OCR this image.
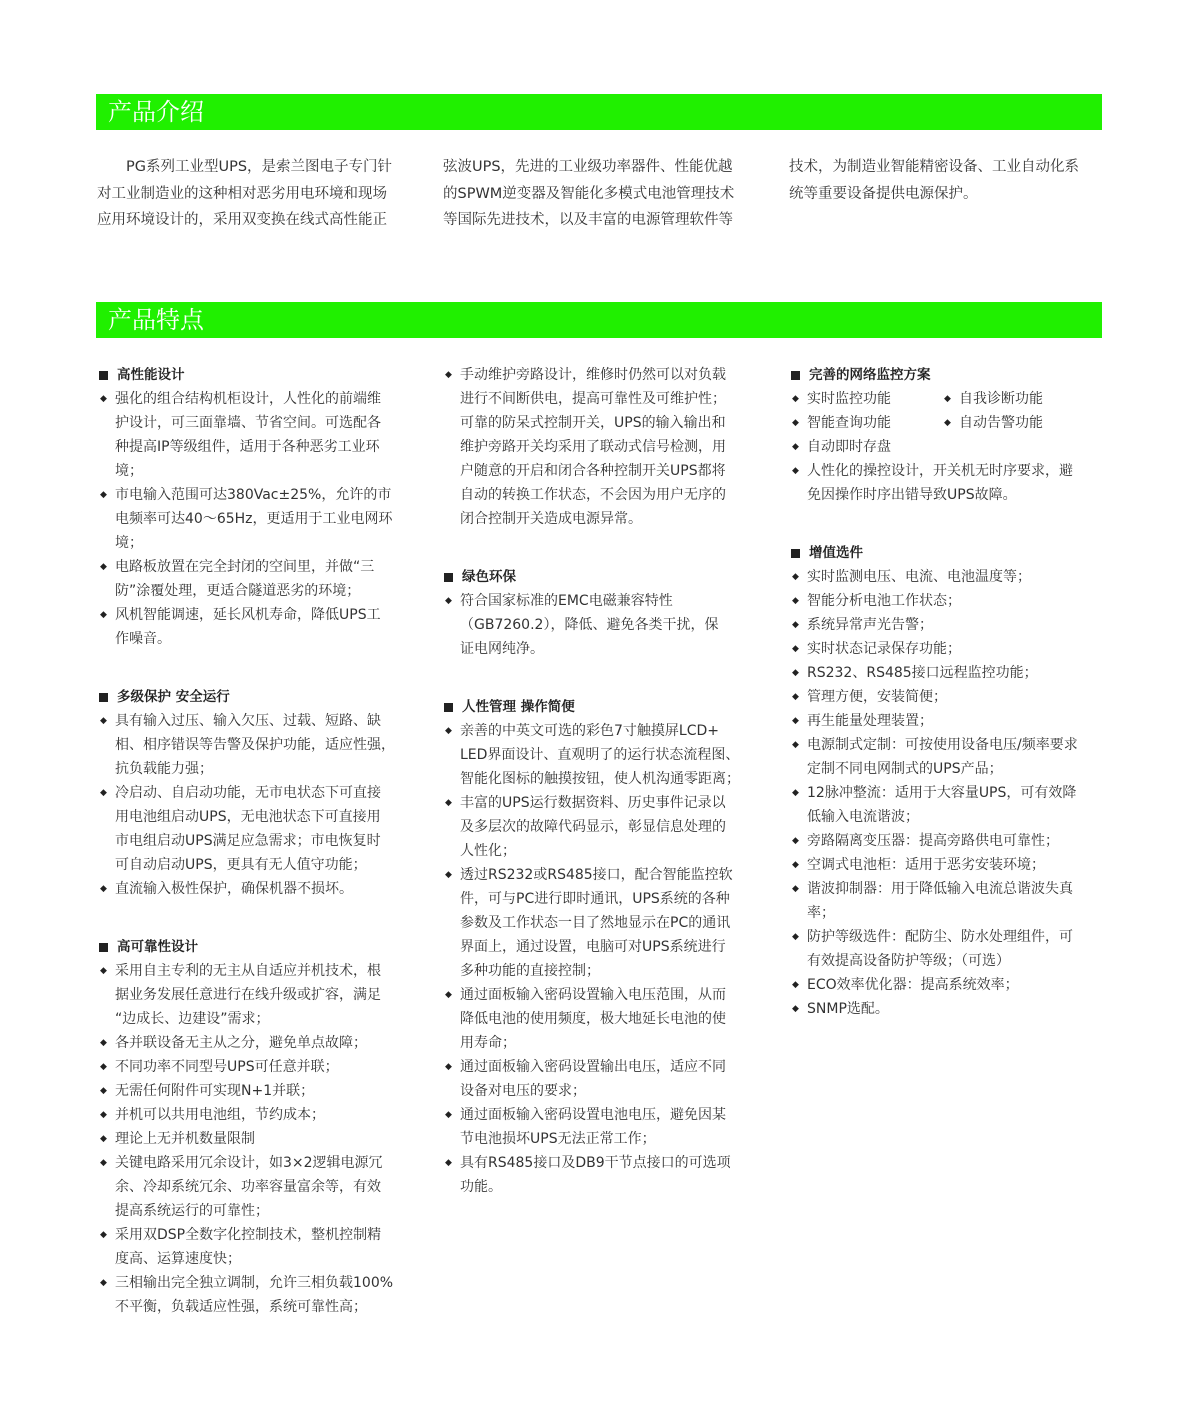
产品介绍
　　PG系列工业型UPS，是索兰图电子专门针
对工业制造业的这种相对恶劣用电环境和现场
应用环境设计的，采用双变换在线式高性能正
弦波UPS，先进的工业级功率器件、性能优越
的SPWM逆变器及智能化多模式电池管理技术
等国际先进技术，以及丰富的电源管理软件等
技术，为制造业智能精密设备、工业自动化系
统等重要设备提供电源保护。
产品特点
高性能设计
◆ 强化的组合结构机柜设计，人性化的前端维
护设计，可三面靠墙、节省空间。可选配各
种提高IP等级组件，适用于各种恶劣工业环
境；
◆ 市电输入范围可达380Vac±25%，允许的市
电频率可达40～65Hz，更适用于工业电网环
境；
◆ 电路板放置在完全封闭的空间里，并做“三
防”涂覆处理，更适合隧道恶劣的环境；
◆ 风机智能调速，延长风机寿命，降低UPS工
作噪音。
多级保护 安全运行
◆ 具有输入过压、输入欠压、过载、短路、缺
相、相序错误等告警及保护功能，适应性强，
抗负载能力强；
◆ 冷启动、自启动功能，无市电状态下可直接
用电池组启动UPS，无电池状态下可直接用
市电组启动UPS满足应急需求；市电恢复时
可自动启动UPS，更具有无人值守功能；
◆ 直流输入极性保护，确保机器不损坏。
高可靠性设计
◆ 采用自主专利的无主从自适应并机技术，根
据业务发展任意进行在线升级或扩容，满足
“边成长、边建设”需求；
◆ 各并联设备无主从之分，避免单点故障；
◆ 不同功率不同型号UPS可任意并联；
◆ 无需任何附件可实现N+1并联；
◆ 并机可以共用电池组，节约成本；
◆ 理论上无并机数量限制
◆ 关键电路采用冗余设计，如3×2逻辑电源冗
余、冷却系统冗余、功率容量富余等，有效
提高系统运行的可靠性；
◆ 采用双DSP全数字化控制技术，整机控制精
度高、运算速度快；
◆ 三相输出完全独立调制，允许三相负载100%
不平衡，负载适应性强，系统可靠性高；
◆ 手动维护旁路设计，维修时仍然可以对负载
进行不间断供电，提高可靠性及可维护性；
可靠的防呆式控制开关，UPS的输入输出和
维护旁路开关均采用了联动式信号检测，用
户随意的开启和闭合各种控制开关UPS都将
自动的转换工作状态，不会因为用户无序的
闭合控制开关造成电源异常。
绿色环保
◆ 符合国家标准的EMC电磁兼容特性
（GB7260.2），降低、避免各类干扰，保
证电网纯净。
人性管理 操作简便
◆ 亲善的中英文可选的彩色7寸触摸屏LCD+
LED界面设计、直观明了的运行状态流程图、
智能化图标的触摸按钮，使人机沟通零距离；
◆ 丰富的UPS运行数据资料、历史事件记录以
及多层次的故障代码显示，彰显信息处理的
人性化；
◆ 透过RS232或RS485接口，配合智能监控软
件，可与PC进行即时通讯，UPS系统的各种
参数及工作状态一目了然地显示在PC的通讯
界面上，通过设置，电脑可对UPS系统进行
多种功能的直接控制；
◆ 通过面板输入密码设置输入电压范围，从而
降低电池的使用频度，极大地延长电池的使
用寿命；
◆ 通过面板输入密码设置输出电压，适应不同
设备对电压的要求；
◆ 通过面板输入密码设置电池电压，避免因某
节电池损坏UPS无法正常工作；
◆ 具有RS485接口及DB9干节点接口的可选项
功能。
完善的网络监控方案
◆ 实时监控功能	◆ 自我诊断功能
◆ 智能查询功能	◆ 自动告警功能
◆ 自动即时存盘
◆ 人性化的操控设计，开关机无时序要求，避
免因操作时序出错导致UPS故障。
增值选件
◆ 实时监测电压、电流、电池温度等；
◆ 智能分析电池工作状态；
◆ 系统异常声光告警；
◆ 实时状态记录保存功能；
◆ RS232、RS485接口远程监控功能；
◆ 管理方便，安装简便；
◆ 再生能量处理装置；
◆ 电源制式定制：可按使用设备电压/频率要求
定制不同电网制式的UPS产品；
◆ 12脉冲整流：适用于大容量UPS，可有效降
低输入电流谐波；
◆ 旁路隔离变压器：提高旁路供电可靠性；
◆ 空调式电池柜：适用于恶劣安装环境；
◆ 谐波抑制器：用于降低输入电流总谐波失真
率；
◆ 防护等级选件：配防尘、防水处理组件，可
有效提高设备防护等级；（可选）
◆ ECO效率优化器：提高系统效率；
◆ SNMP选配。
